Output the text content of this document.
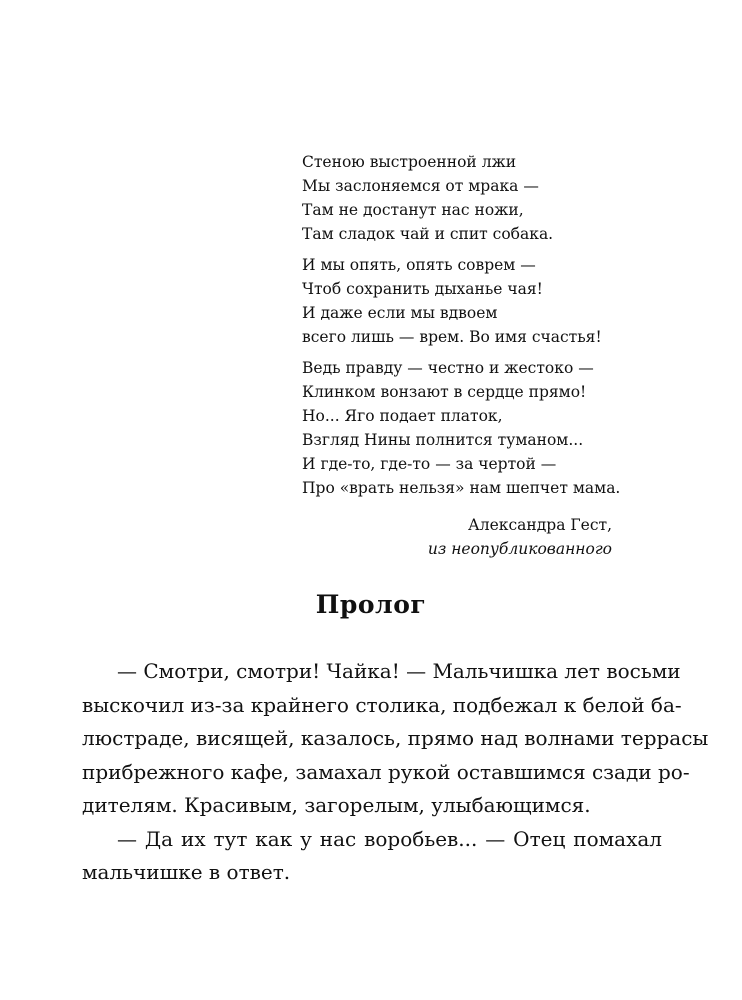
Стеною выстроенной лжи
Мы заслоняемся от мрака —
Там не достанут нас ножи,
Там сладок чай и спит собака.
И мы опять, опять соврем —
Чтоб сохранить дыханье чая!
И даже если мы вдвоем
всего лишь — врем. Во имя счастья!
Ведь правду — честно и жестоко —
Клинком вонзают в сердце прямо!
Но... Яго подает платок,
Взгляд Нины полнится туманом...
И где-то, где-то — за чертой —
Про «врать нельзя» нам шепчет мама.
Александра Гест,
из неопубликованного
Пролог
— Смотри, смотри! Чайка! — Мальчишка лет восьми
выскочил из-за крайнего столика, подбежал к белой ба-
люстраде, висящей, казалось, прямо над волнами террасы
прибрежного кафе, замахал рукой оставшимся сзади ро-
дителям. Красивым, загорелым, улыбающимся.
— Да их тут как у нас воробьев... — Отец помахал
мальчишке в ответ.
